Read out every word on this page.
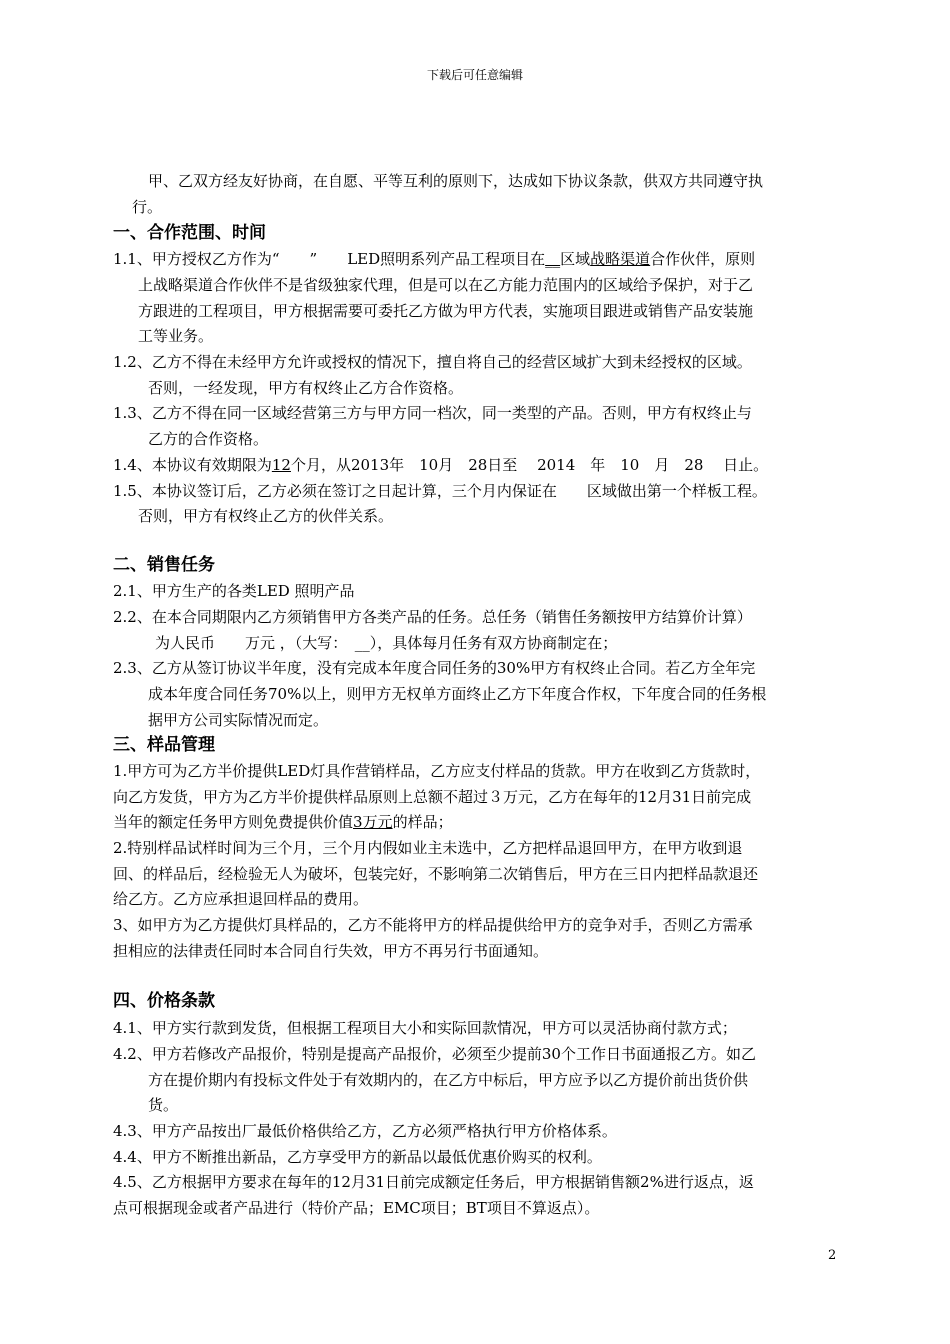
下载后可任意编辑
甲、乙双方经友好协商，在自愿、平等互利的原则下，达成如下协议条款，供双方共同遵守执
行。
一、合作范围、时间
1.1、甲方授权乙方作为“　　”　　LED照明系列产品工程项目在__区域战略渠道合作伙伴，原则
上战略渠道合作伙伴不是省级独家代理，但是可以在乙方能力范围内的区域给予保护，对于乙
方跟进的工程项目，甲方根据需要可委托乙方做为甲方代表，实施项目跟进或销售产品安装施
工等业务。
1.2、乙方不得在未经甲方允许或授权的情况下，擅自将自己的经营区域扩大到未经授权的区域。
否则，一经发现，甲方有权终止乙方合作资格。
1.3、乙方不得在同一区域经营第三方与甲方同一档次，同一类型的产品。否则，甲方有权终止与
乙方的合作资格。
1.4、本协议有效期限为12个月，从2013年　10月　28日至　 2014　年　10　月　28　 日止。
1.5、本协议签订后，乙方必须在签订之日起计算，三个月内保证在　　区域做出第一个样板工程。
否则，甲方有权终止乙方的伙伴关系。
二、销售任务
2.1、甲方生产的各类LED 照明产品
2.2、在本合同期限内乙方须销售甲方各类产品的任务。总任务（销售任务额按甲方结算价计算）
为人民币　　万元 ，（大写：　__），具体每月任务有双方协商制定在；
2.3、乙方从签订协议半年度，没有完成本年度合同任务的30%甲方有权终止合同。若乙方全年完
成本年度合同任务70%以上，则甲方无权单方面终止乙方下年度合作权，下年度合同的任务根
据甲方公司实际情况而定。
三、样品管理
1.甲方可为乙方半价提供LED灯具作营销样品，乙方应支付样品的货款。甲方在收到乙方货款时，
向乙方发货，甲方为乙方半价提供样品原则上总额不超过３万元，乙方在每年的12月31日前完成
当年的额定任务甲方则免费提供价值3万元的样品；
2.特别样品试样时间为三个月，三个月内假如业主未选中，乙方把样品退回甲方，在甲方收到退
回、的样品后，经检验无人为破坏，包装完好，不影响第二次销售后，甲方在三日内把样品款退还
给乙方。乙方应承担退回样品的费用。
3、如甲方为乙方提供灯具样品的，乙方不能将甲方的样品提供给甲方的竞争对手，否则乙方需承
担相应的法律责任同时本合同自行失效，甲方不再另行书面通知。
四、价格条款
4.1、甲方实行款到发货，但根据工程项目大小和实际回款情况，甲方可以灵活协商付款方式；
4.2、甲方若修改产品报价，特别是提高产品报价，必须至少提前30个工作日书面通报乙方。如乙
方在提价期内有投标文件处于有效期内的，在乙方中标后，甲方应予以乙方提价前出货价供
货。
4.3、甲方产品按出厂最低价格供给乙方，乙方必须严格执行甲方价格体系。
4.4、甲方不断推出新品，乙方享受甲方的新品以最低优惠价购买的权利。
4.5、乙方根据甲方要求在每年的12月31日前完成额定任务后，甲方根据销售额2%进行返点，返
点可根据现金或者产品进行（特价产品；EMC项目；BT项目不算返点）。
2
